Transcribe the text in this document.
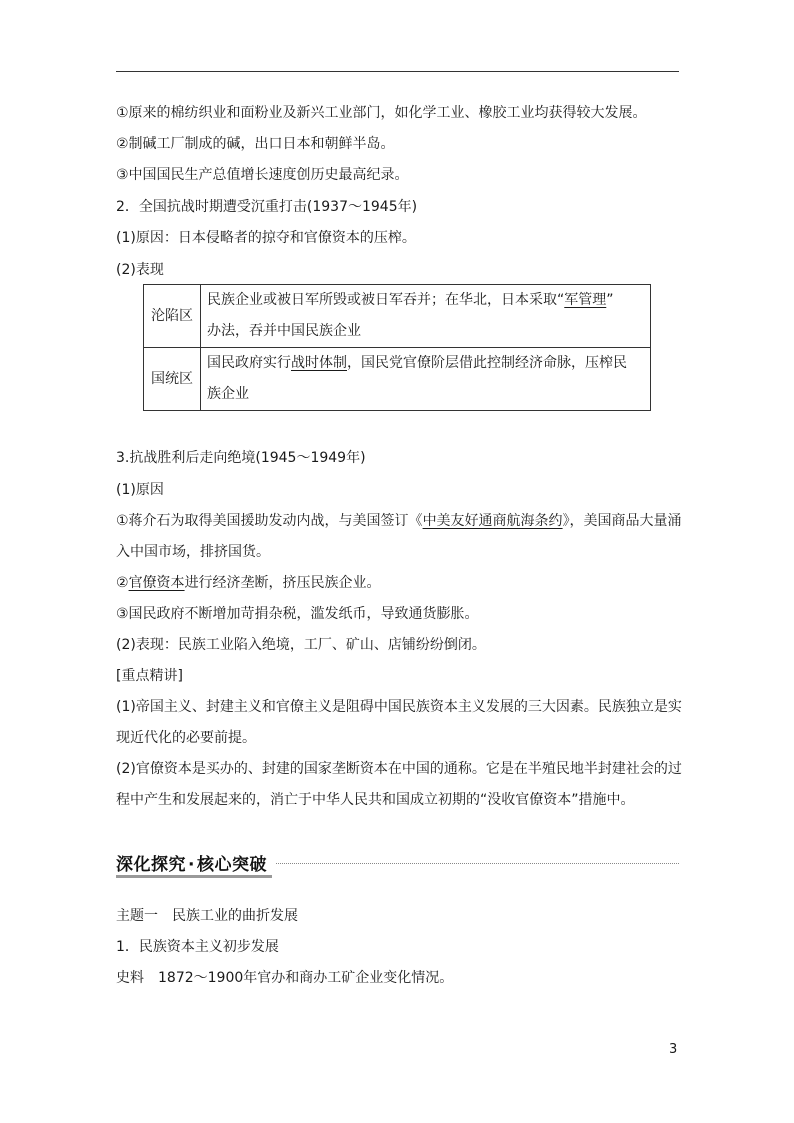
①原来的棉纺织业和面粉业及新兴工业部门，如化学工业、橡胶工业均获得较大发展。
②制碱工厂制成的碱，出口日本和朝鲜半岛。
③中国国民生产总值增长速度创历史最高纪录。
2．全国抗战时期遭受沉重打击(1937～1945年)
(1)原因：日本侵略者的掠夺和官僚资本的压榨。
(2)表现
沦陷区	民族企业或被日军所毁或被日军吞并；在华北，日本采取“军管理”
办法，吞并中国民族企业

国统区	国民政府实行战时体制，国民党官僚阶层借此控制经济命脉，压榨民
族企业
3.抗战胜利后走向绝境(1945～1949年)
(1)原因
①蒋介石为取得美国援助发动内战，与美国签订《中美友好通商航海条约》，美国商品大量涌
入中国市场，排挤国货。
②官僚资本进行经济垄断，挤压民族企业。
③国民政府不断增加苛捐杂税，滥发纸币，导致通货膨胀。
(2)表现：民族工业陷入绝境，工厂、矿山、店铺纷纷倒闭。
[重点精讲]
(1)帝国主义、封建主义和官僚主义是阻碍中国民族资本主义发展的三大因素。民族独立是实
现近代化的必要前提。
(2)官僚资本是买办的、封建的国家垄断资本在中国的通称。它是在半殖民地半封建社会的过
程中产生和发展起来的，消亡于中华人民共和国成立初期的“没收官僚资本”措施中。
深化探究 · 核心突破
主题一　民族工业的曲折发展
1．民族资本主义初步发展
史料　1872～1900年官办和商办工矿企业变化情况。
3
